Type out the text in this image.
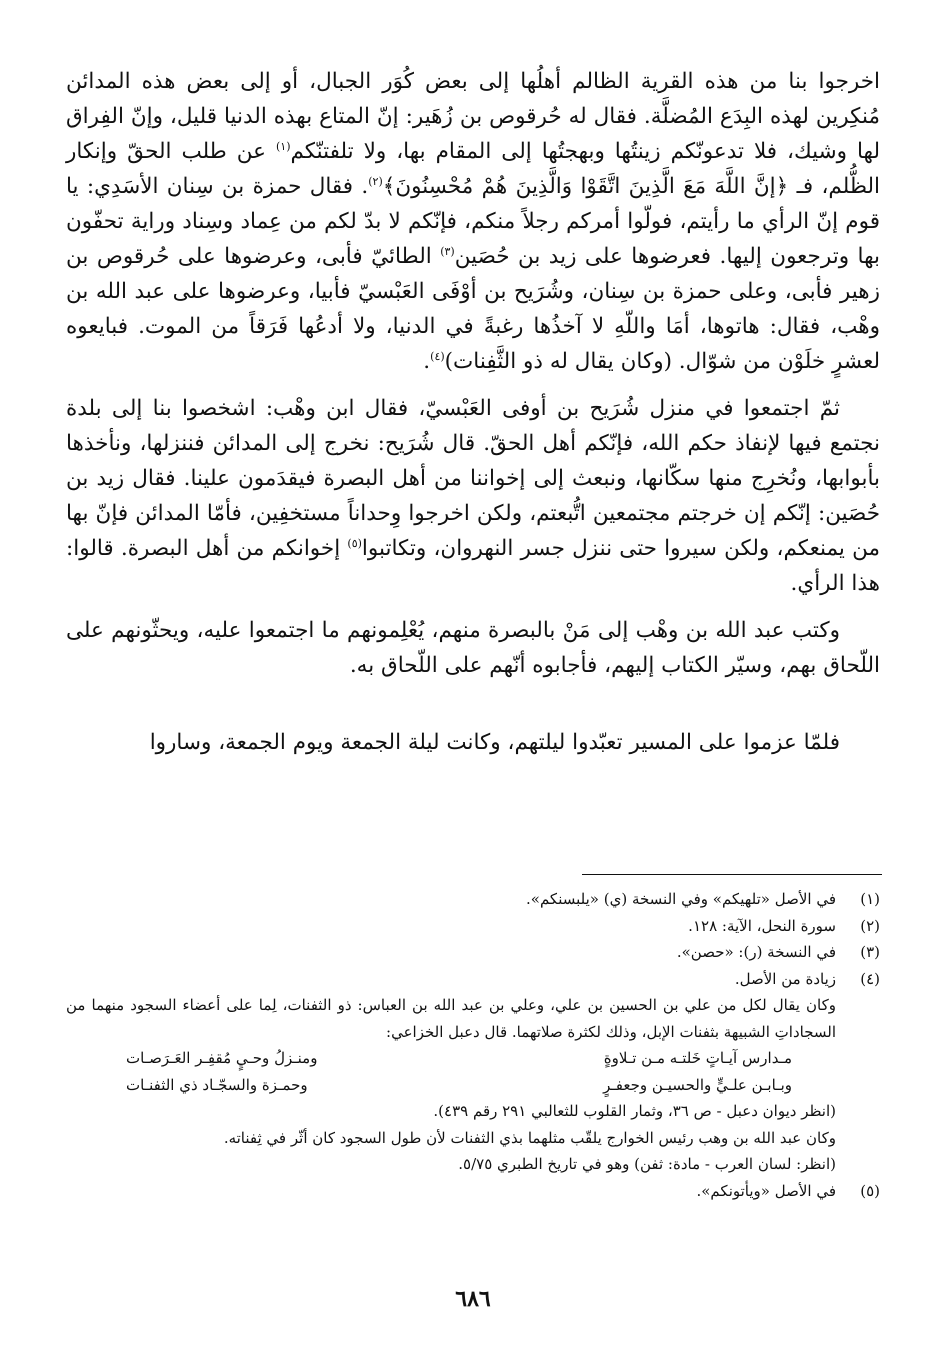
اخرجوا بنا من هذه القرية الظالم أهلُها إلى بعض كُوَر الجبال، أو إلى بعض هذه المدائن مُنكِرين لهذه البِدَع المُضلَّة. فقال له حُرقوص بن زُهَير: إنّ المتاع بهذه الدنيا قليل، وإنّ الفِراق لها وشيك، فلا تدعونّكم زينتُها وبهجتُها إلى المقام بها، ولا تلفتنّكم$^{(١)}$ عن طلب الحقّ وإنكار الظُّلم، فـ ﴿إنَّ اللَّهَ مَعَ الَّذِينَ اتَّقَوْا وَالَّذِينَ هُمْ مُحْسِنُونَ﴾$^{(٢)}$. فقال حمزة بن سِنان الأسَدِي: يا قوم إنّ الرأي ما رأيتم، فولّوا أمركم رجلاً منكم، فإنّكم لا بدّ لكم من عِماد وسِناد وراية تحفّون بها وترجعون إليها. فعرضوها على زيد بن حُصَين$^{(٣)}$ الطائيّ فأبى، وعرضوها على حُرقوص بن زهير فأبى، وعلى حمزة بن سِنان، وشُرَيح بن أوْفَى العَبْسيّ فأبيا، وعرضوها على عبد الله بن وهْب، فقال: هاتوها، أمَا واللّهِ لا آخذُها رغبةً في الدنيا، ولا أدعُها فَرَقاً من الموت. فبايعوه لعشرٍ خلَوْن من شوّال. (وكان يقال له ذو الثَّفِنات)$^{(٤)}$.

ثمّ اجتمعوا في منزل شُرَيح بن أوفى العَبْسيّ، فقال ابن وهْب: اشخصوا بنا إلى بلدة نجتمع فيها لإنفاذ حكم الله، فإنّكم أهل الحقّ. قال شُرَيح: نخرج إلى المدائن فننزلها، ونأخذها بأبوابها، ونُخرِج منها سكّانها، ونبعث إلى إخواننا من أهل البصرة فيقدَمون علينا. فقال زيد بن حُصَين: إنّكم إن خرجتم مجتمعين اتُّبعتم، ولكن اخرجوا وِحداناً مستخفِين، فأمّا المدائن فإنّ بها من يمنعكم، ولكن سيروا حتى ننزل جسر النهروان، وتكاتبوا$^{(٥)}$ إخوانكم من أهل البصرة. قالوا: هذا الرأي.

وكتب عبد الله بن وهْب إلى مَنْ بالبصرة منهم، يُعْلِمونهم ما اجتمعوا عليه، ويحثّونهم على اللّحاق بهم، وسيّر الكتاب إليهم، فأجابوه أنّهم على اللّحاق به.

فلمّا عزموا على المسير تعبّدوا ليلتهم، وكانت ليلة الجمعة ويوم الجمعة، وساروا

(١)
في الأصل «تلهيكم» وفي النسخة (ي) «يلبسنكم».
(٢)
سورة النحل، الآية: ١٢٨.
(٣)
في النسخة (ر): «حصن».
(٤)
زيادة من الأصل.
وكان يقال لكل من علي بن الحسين بن علي، وعلي بن عبد الله بن العباس: ذو الثفنات، لِما على أعضاء السجود منهما من السجاداتِ الشبيهة بثفنات الإبل، وذلك لكثرة صلاتهما. قال دعبل الخزاعي:
مـدارس آيـاتٍ خَلتـه مـن تـلاوةٍ
ومنـزلُ وحـيٍ مُقفِـر العَـرَصـات
وبـابـن علـيٍّ والحسيـن وجعفـرٍ
وحمـزة والسجّـاد ذي الثفنـات
(انظر ديوان دعبل - ص ٣٦، وثمار القلوب للثعالبي ٢٩١ رقم ٤٣٩).
وكان عبد الله بن وهب رئيس الخوارج يلقّب مثلهما بذي الثفنات لأن طول السجود كان أثّر في ثِفناته.
(انظر: لسان العرب - مادة: ثفن) وهو في تاريخ الطبري ٥/٧٥.
(٥)
في الأصل «ويأتونكم».
٦٨٦
